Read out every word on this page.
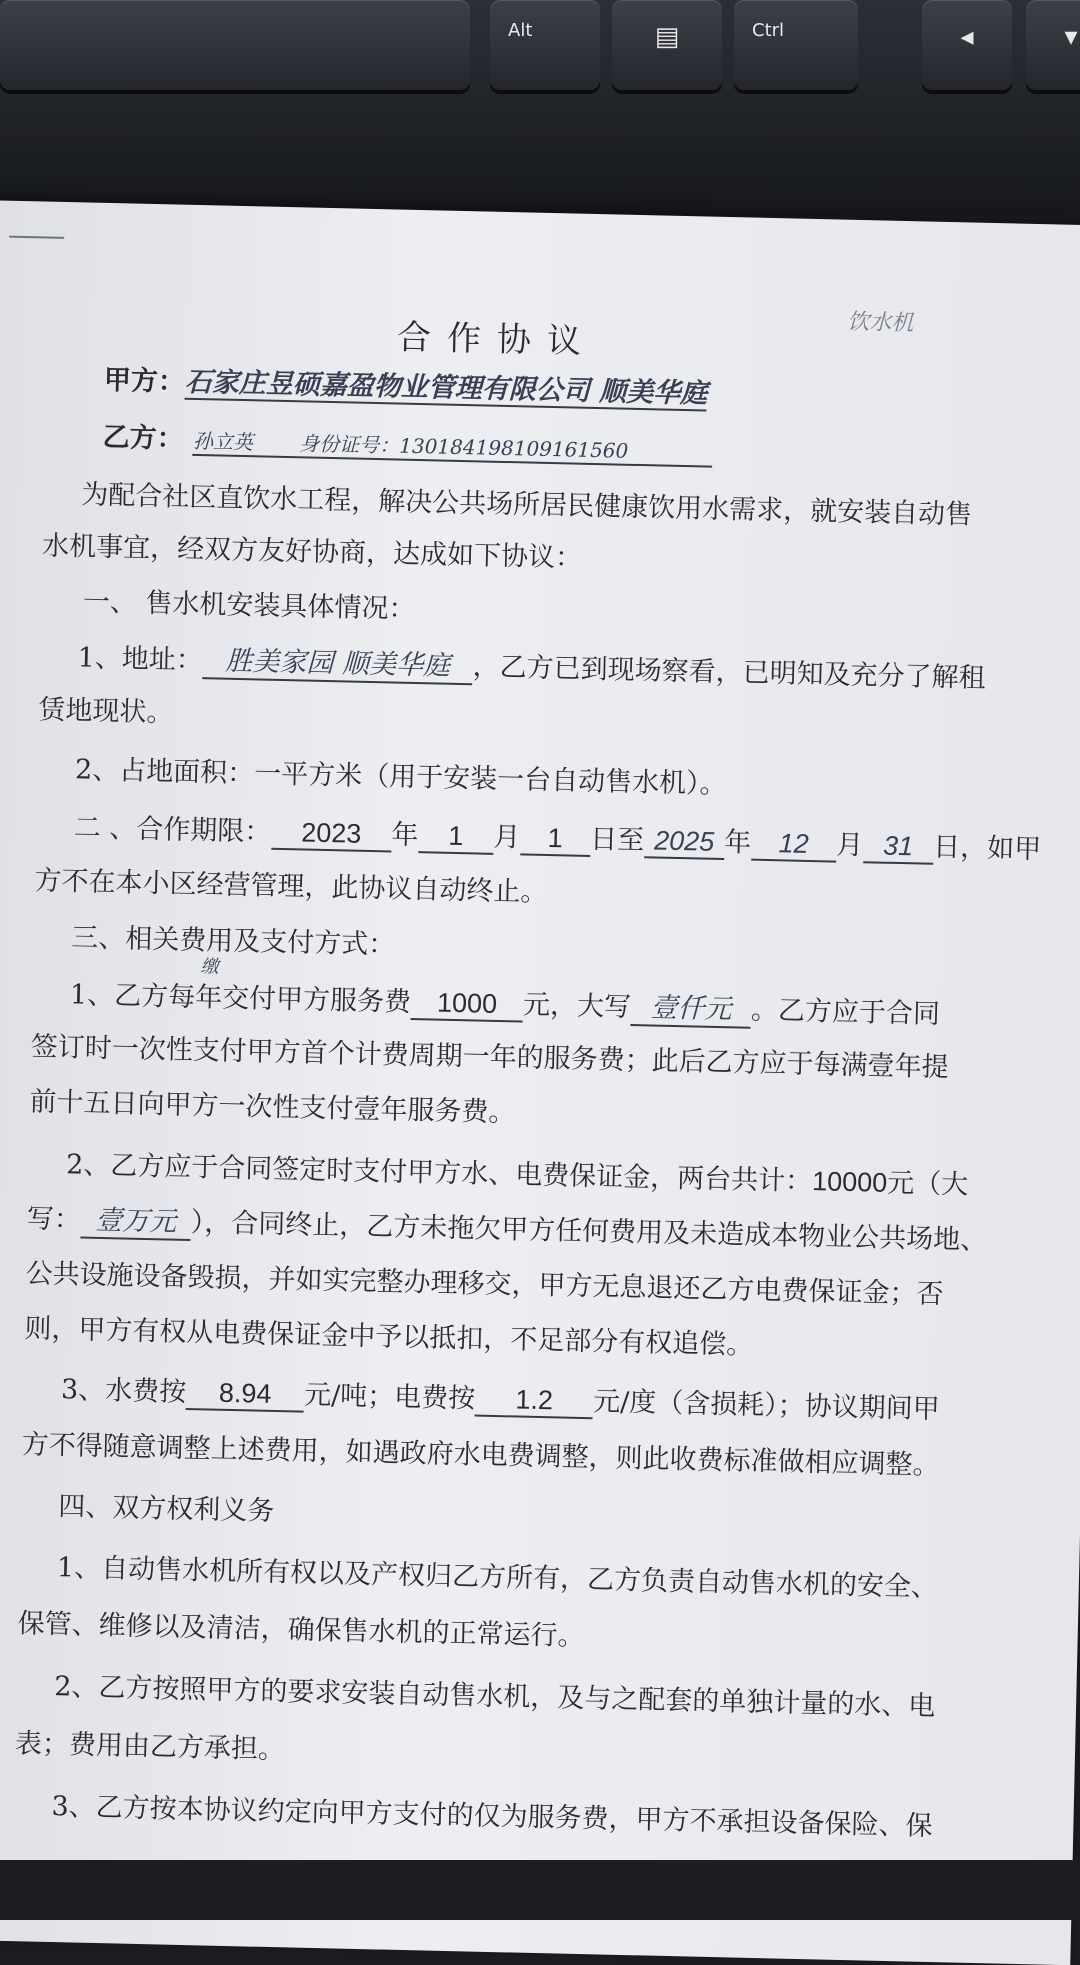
Alt	▤	Ctrl	◂	▾
合作协议	饮水机
甲方：石家庄昱硕嘉盈物业管理有限公司 顺美华庭
乙方： 孙立英 身份证号：130184198109161560
为配合社区直饮水工程，解决公共场所居民健康饮用水需求，就安装自动售
水机事宜，经双方友好协商，达成如下协议：
一、 售水机安装具体情况：
1、地址： 胜美家园 顺美华庭 ，乙方已到现场察看，已明知及充分了解租
赁地现状。
2、占地面积：一平方米（用于安装一台自动售水机）。
二 、合作期限： 2023 年 1 月 1 日至 2025 年 12 月 31 日，如甲
方不在本小区经营管理，此协议自动终止。
三、相关费用及支付方式：
缴
1、乙方每年交付甲方服务费 1000 元，大写 壹仟元 。乙方应于合同
签订时一次性支付甲方首个计费周期一年的服务费；此后乙方应于每满壹年提
前十五日向甲方一次性支付壹年服务费。
2、乙方应于合同签定时支付甲方水、电费保证金，两台共计：10000元（大
写： 壹万元 ），合同终止，乙方未拖欠甲方任何费用及未造成本物业公共场地、
公共设施设备毁损，并如实完整办理移交，甲方无息退还乙方电费保证金；否
则，甲方有权从电费保证金中予以抵扣，不足部分有权追偿。
3、水费按 8.94 元/吨；电费按 1.2 元/度（含损耗）；协议期间甲
方不得随意调整上述费用，如遇政府水电费调整，则此收费标准做相应调整。
四、双方权利义务
1、自动售水机所有权以及产权归乙方所有，乙方负责自动售水机的安全、
保管、维修以及清洁，确保售水机的正常运行。
2、乙方按照甲方的要求安装自动售水机，及与之配套的单独计量的水、电
表；费用由乙方承担。
3、乙方按本协议约定向甲方支付的仅为服务费，甲方不承担设备保险、保
